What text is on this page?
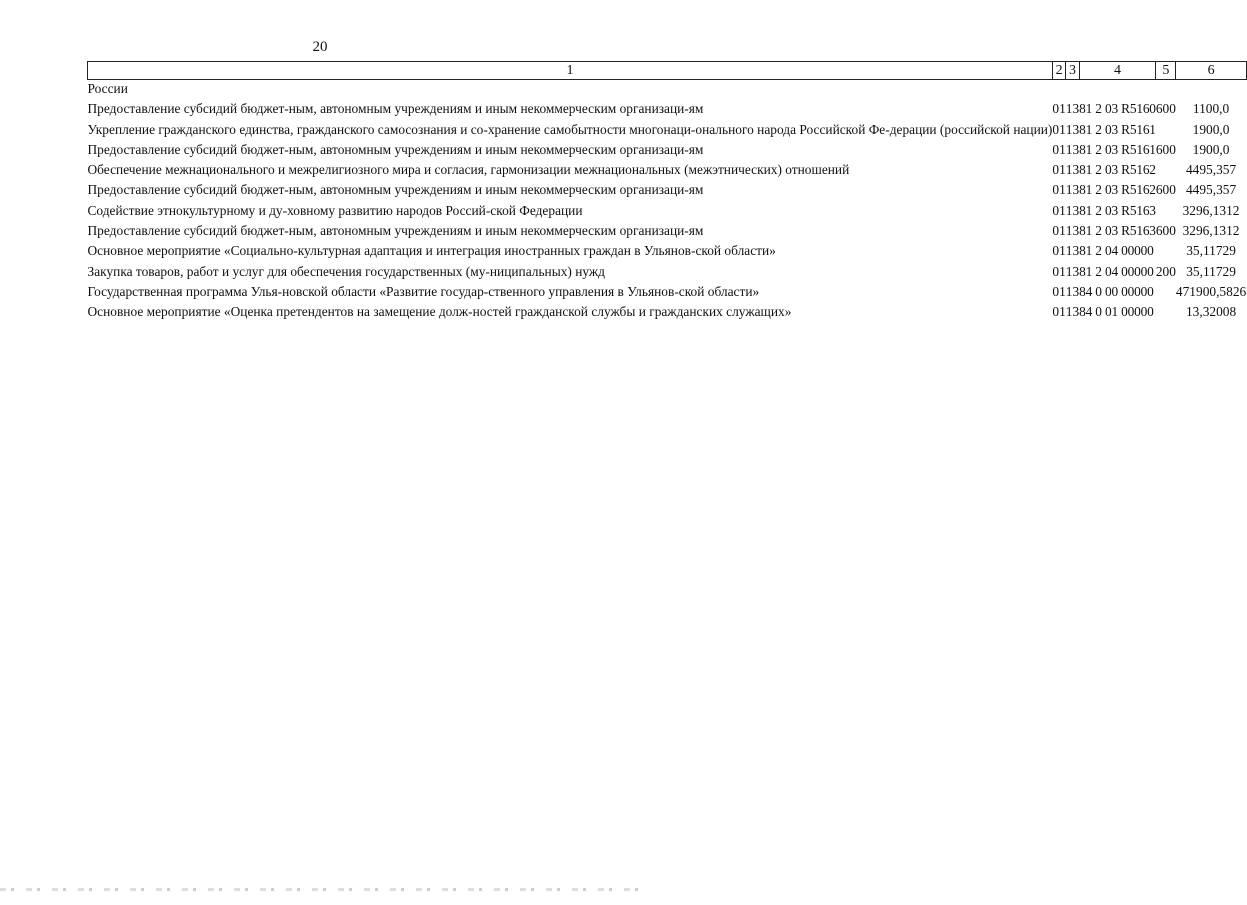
20
1	2	3	4	5	6
России					
Предоставление субсидий бюджет-ным, автономным учреждениям и иным некоммерческим организаци-ям	01	13	81 2 03 R5160	600	1100,0
Укрепление гражданского единства, гражданского самосознания и со-хранение самобытности многонаци-онального народа Российской Фе-дерации (российской нации)	01	13	81 2 03 R5161		1900,0
Предоставление субсидий бюджет-ным, автономным учреждениям и иным некоммерческим организаци-ям	01	13	81 2 03 R5161	600	1900,0
Обеспечение межнационального и межрелигиозного мира и согласия, гармонизации межнациональных (межэтнических) отношений	01	13	81 2 03 R5162		4495,357
Предоставление субсидий бюджет-ным, автономным учреждениям и иным некоммерческим организаци-ям	01	13	81 2 03 R5162	600	4495,357
Содействие этнокультурному и ду-ховному развитию народов Россий-ской Федерации	01	13	81 2 03 R5163		3296,1312
Предоставление субсидий бюджет-ным, автономным учреждениям и иным некоммерческим организаци-ям	01	13	81 2 03 R5163	600	3296,1312
Основное мероприятие «Социально-культурная адаптация и интеграция иностранных граждан в Ульянов-ской области»	01	13	81 2 04 00000		35,11729
Закупка товаров, работ и услуг для обеспечения государственных (му-ниципальных) нужд	01	13	81 2 04 00000	200	35,11729
Государственная программа Улья-новской области «Развитие государ-ственного управления в Ульянов-ской области»	01	13	84 0 00 00000		471900,5826
Основное мероприятие «Оценка претендентов на замещение долж-ностей гражданской службы и гражданских служащих»	01	13	84 0 01 00000		13,32008
